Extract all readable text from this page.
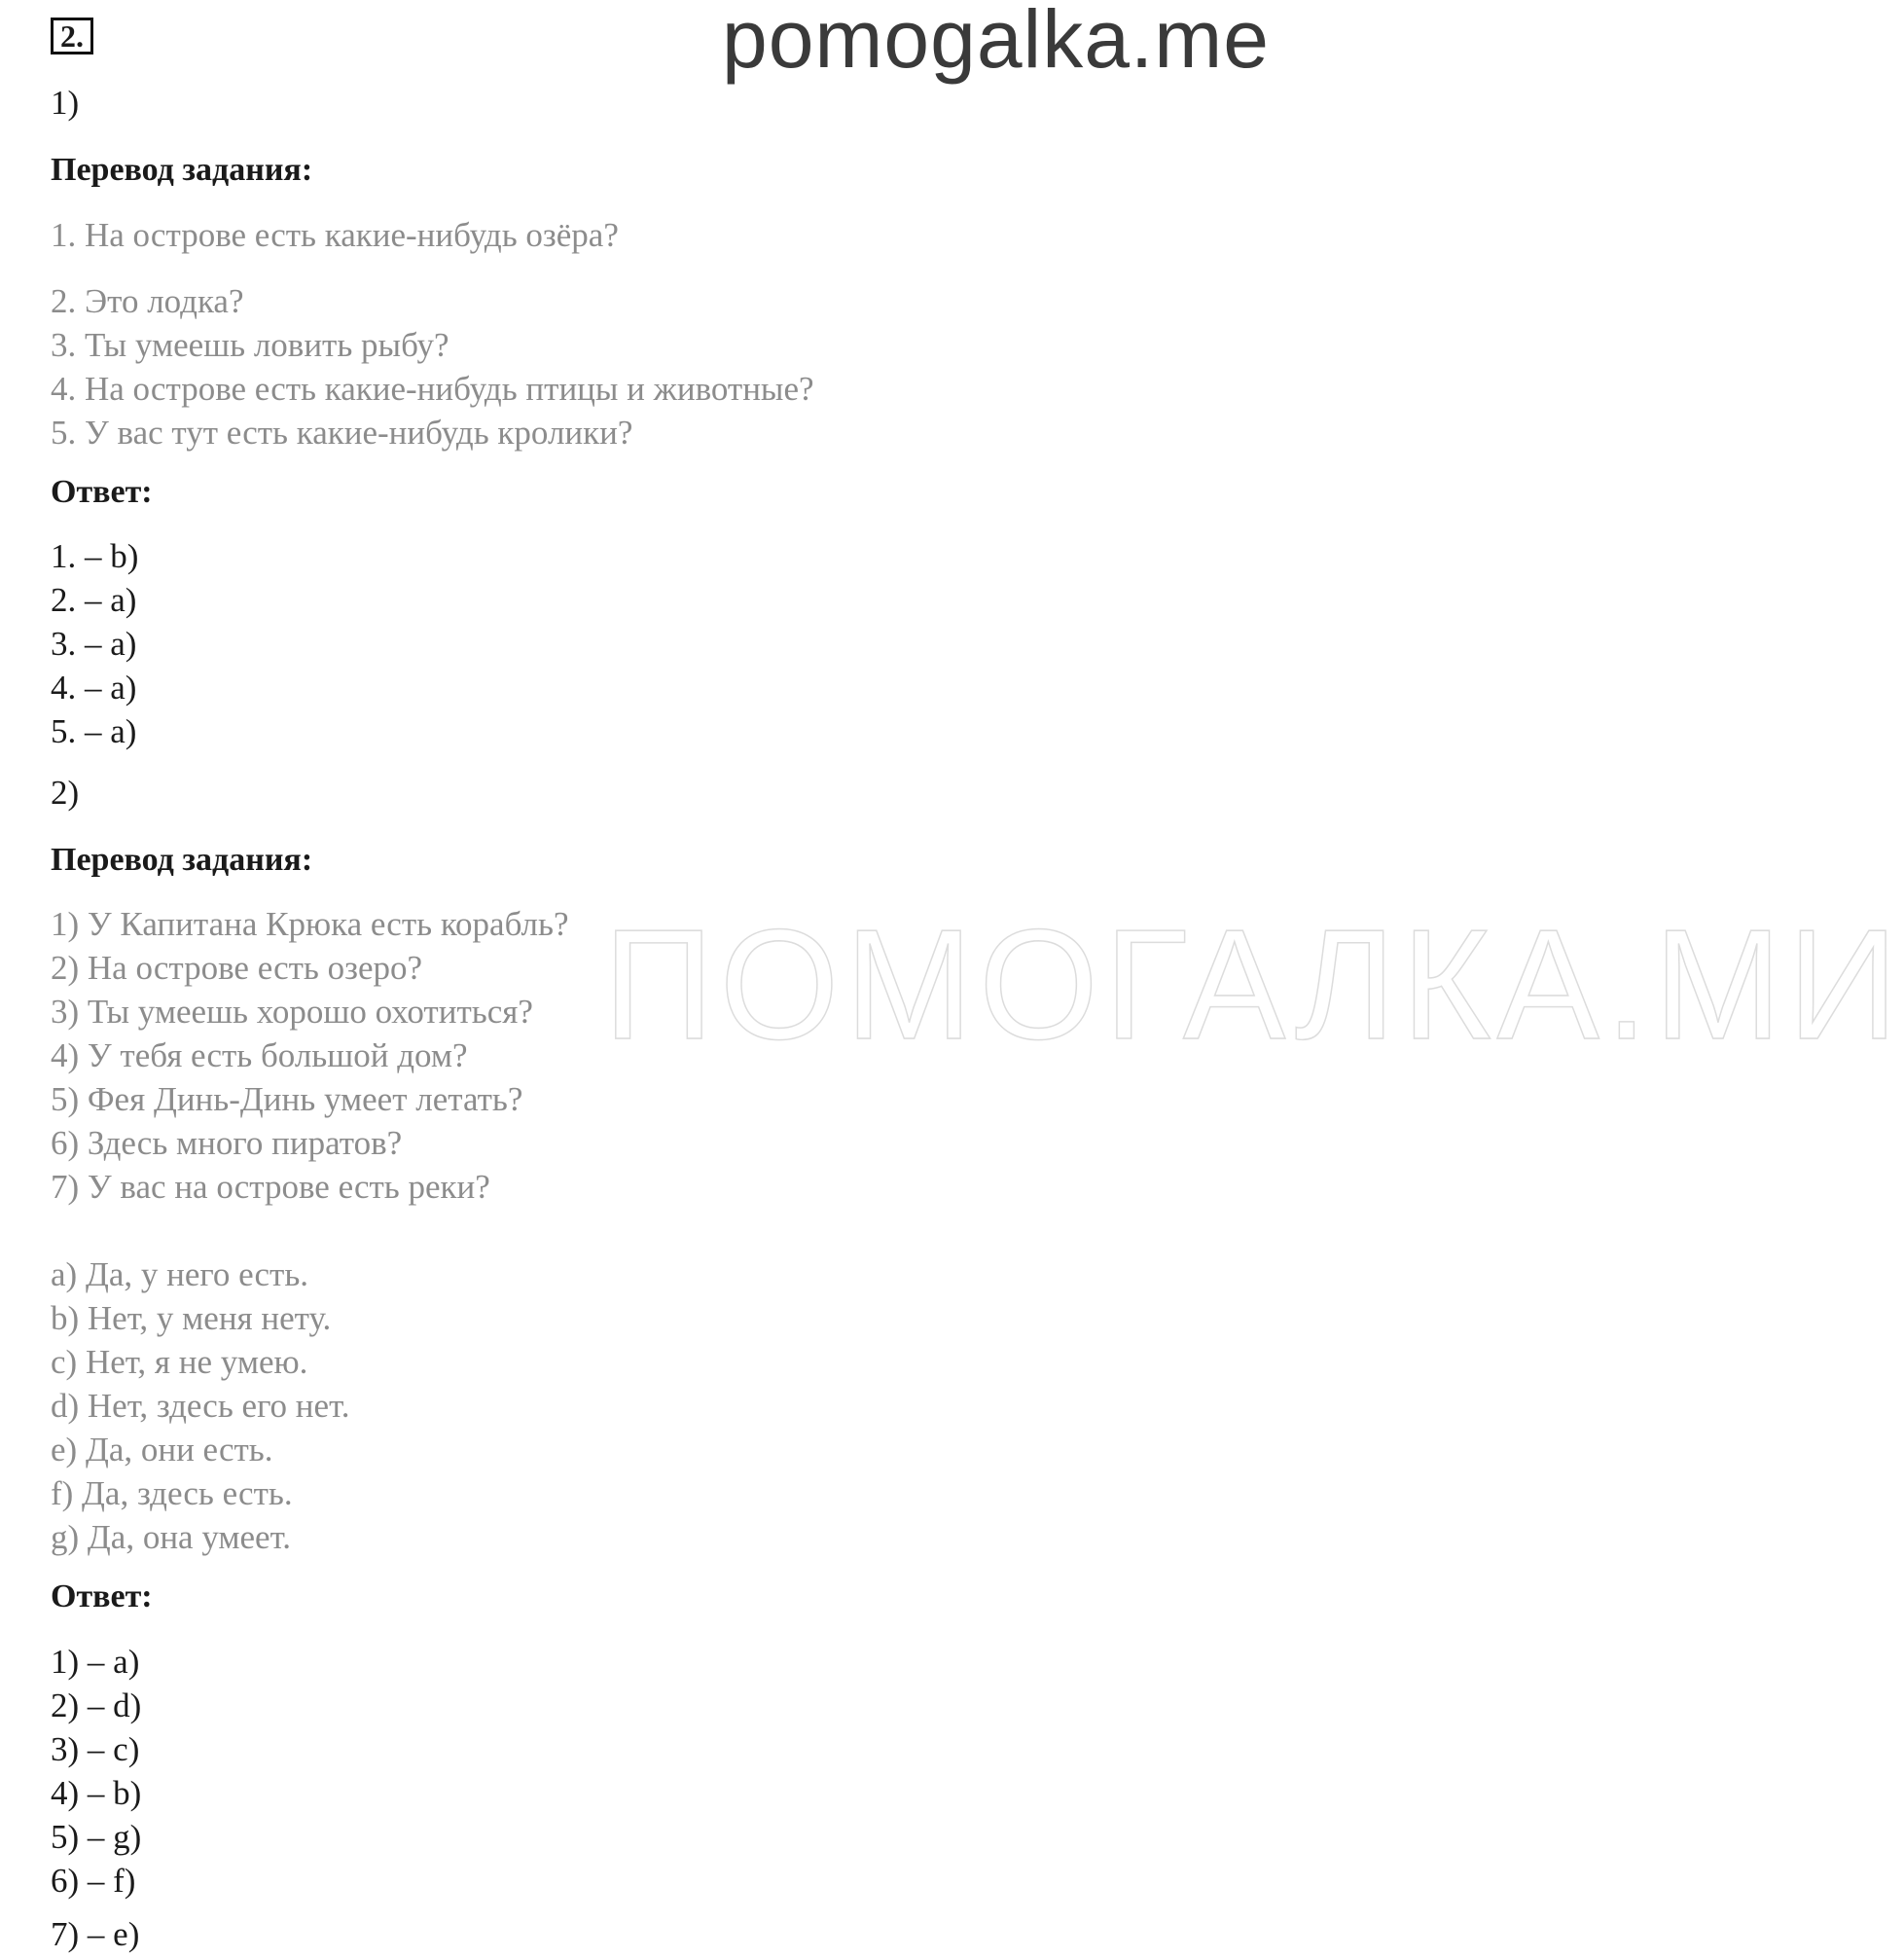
2.	pomogalka.me
ПОМОГАЛКА.МИ
1)
Перевод задания:
1. На острове есть какие-нибудь озёра?
2. Это лодка?
3. Ты умеешь ловить рыбу?
4. На острове есть какие-нибудь птицы и животные?
5. У вас тут есть какие-нибудь кролики?
Ответ:
1. – b)
2. – a)
3. – a)
4. – a)
5. – a)
2)
Перевод задания:
1) У Капитана Крюка есть корабль?
2) На острове есть озеро?
3) Ты умеешь хорошо охотиться?
4) У тебя есть большой дом?
5) Фея Динь-Динь умеет летать?
6) Здесь много пиратов?
7) У вас на острове есть реки?
a) Да, у него есть.
b) Нет, у меня нету.
c) Нет, я не умею.
d) Нет, здесь его нет.
e) Да, они есть.
f) Да, здесь есть.
g) Да, она умеет.
Ответ:
1) – a)
2) – d)
3) – c)
4) – b)
5) – g)
6) – f)
7) – e)
